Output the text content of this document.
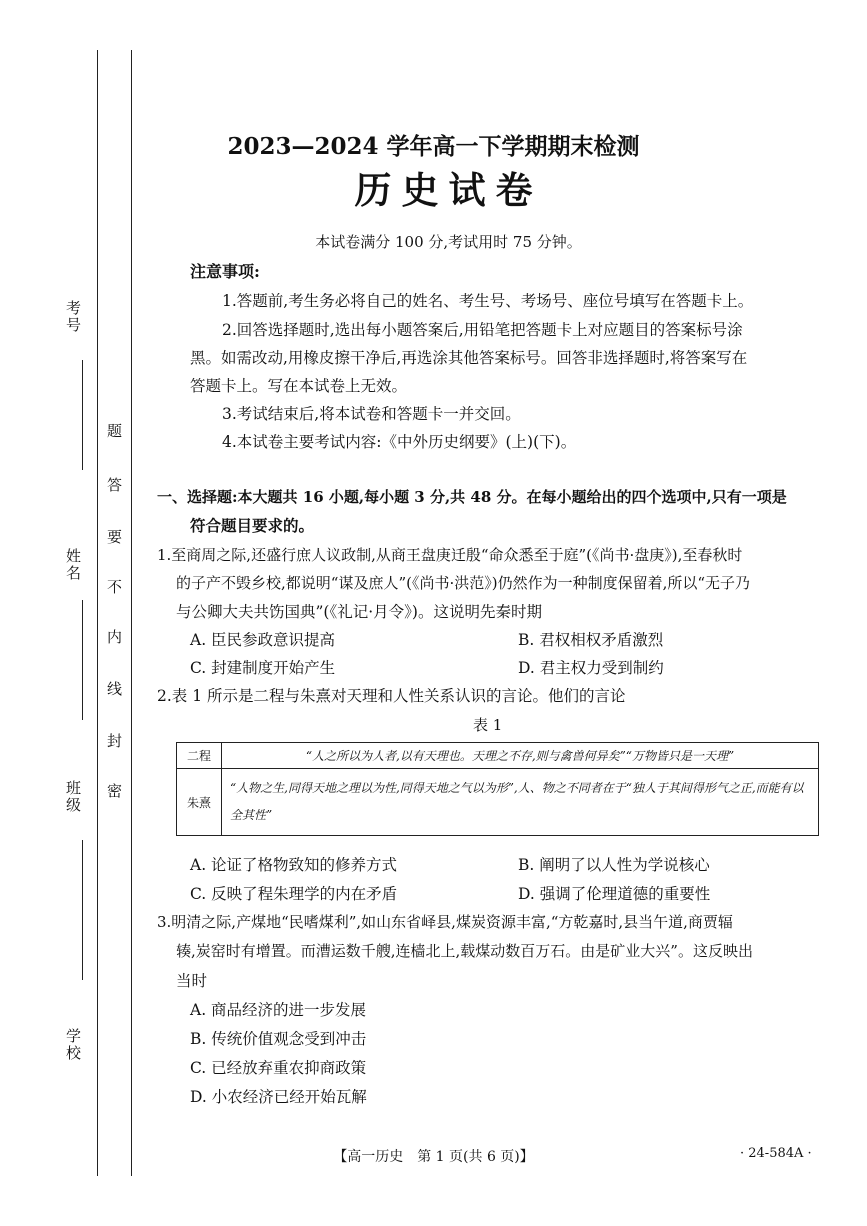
考号
姓名
班级
学校
题
答
要
不
内
线
封
密
2023—2024 学年高一下学期期末检测
历史试卷
本试卷满分 100 分,考试用时 75 分钟。
注意事项:
1.答题前,考生务必将自己的姓名、考生号、考场号、座位号填写在答题卡上。
2.回答选择题时,选出每小题答案后,用铅笔把答题卡上对应题目的答案标号涂
黑。如需改动,用橡皮擦干净后,再选涂其他答案标号。回答非选择题时,将答案写在
答题卡上。写在本试卷上无效。
3.考试结束后,将本试卷和答题卡一并交回。
4.本试卷主要考试内容:《中外历史纲要》(上)(下)。
一、选择题:本大题共 16 小题,每小题 3 分,共 48 分。在每小题给出的四个选项中,只有一项是
符合题目要求的。
1.至商周之际,还盛行庶人议政制,从商王盘庚迁殷“命众悉至于庭”(《尚书·盘庚》),至春秋时
的子产不毁乡校,都说明“谋及庶人”(《尚书·洪范》)仍然作为一种制度保留着,所以“无子乃
与公卿大夫共饬国典”(《礼记·月令》)。这说明先秦时期
A. 臣民参政意识提高	B. 君权相权矛盾激烈
C. 封建制度开始产生	D. 君主权力受到制约
2.表 1 所示是二程与朱熹对天理和人性关系认识的言论。他们的言论
表 1
二程	“人之所以为人者,以有天理也。天理之不存,则与禽兽何异矣”“万物皆只是一天理”
朱熹	“人物之生,同得天地之理以为性,同得天地之气以为形”,人、物之不同者在于“独人于其间得形气之正,而能有以全其性”
A. 论证了格物致知的修养方式	B. 阐明了以人性为学说核心
C. 反映了程朱理学的内在矛盾	D. 强调了伦理道德的重要性
3.明清之际,产煤地“民嗜煤利”,如山东省峄县,煤炭资源丰富,“方乾嘉时,县当午道,商贾辐
辏,炭窑时有增置。而漕运数千艘,连樯北上,载煤动数百万石。由是矿业大兴”。这反映出
当时
A. 商品经济的进一步发展
B. 传统价值观念受到冲击
C. 已经放弃重农抑商政策
D. 小农经济已经开始瓦解
【高一历史　第 1 页(共 6 页)】	· 24-584A ·
